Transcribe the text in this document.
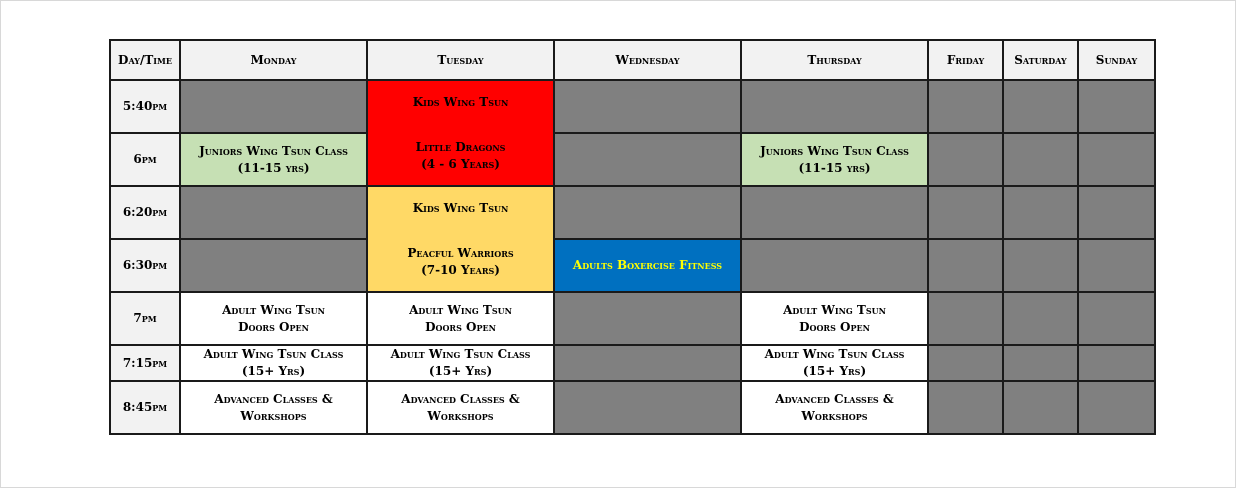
Day/Time	Monday	Tuesday	Wednesday	Thursday	Friday	Saturday	Sunday
5:40pm		Kids Wing Tsun
Little Dragons
(4 - 6 Years)					

6pm	Juniors Wing Tsun Class
(11-15 yrs)			Juniors Wing Tsun Class
(11-15 yrs)			

6:20pm		Kids Wing Tsun
Peacful Warriors
(7-10 Years)					

6:30pm			Adults Boxercise Fitness				

7pm	Adult Wing Tsun
Doors Open	Adult Wing Tsun
Doors Open		Adult Wing Tsun
Doors Open			

7:15pm	Adult Wing Tsun Class
(15+ Yrs)	Adult Wing Tsun Class
(15+ Yrs)		Adult Wing Tsun Class
(15+ Yrs)			

8:45pm	Advanced Classes &
Workshops	Advanced Classes &
Workshops		Advanced Classes &
Workshops			
